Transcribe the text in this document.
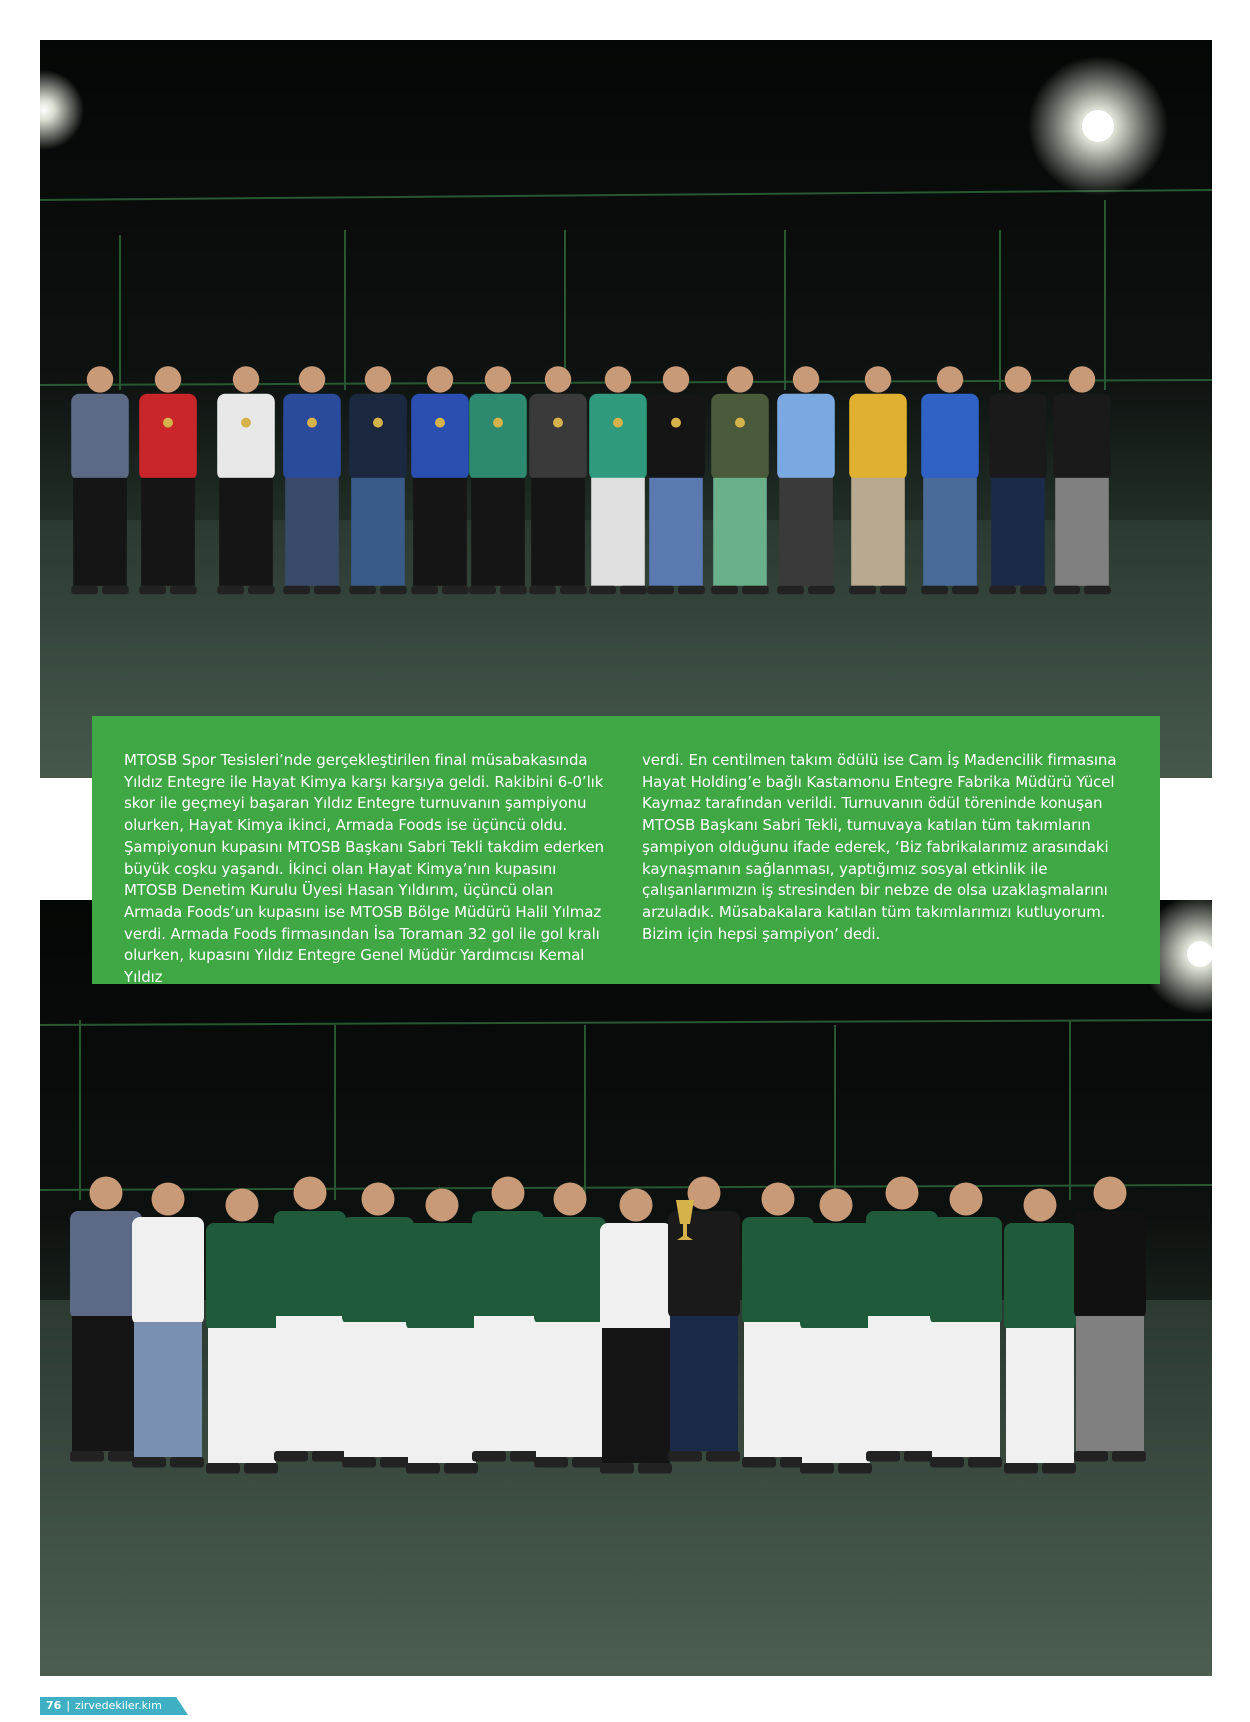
MTOSB Spor Tesisleri’nde gerçekleştirilen final müsabakasında Yıldız Entegre ile Hayat Kimya karşı karşıya geldi. Rakibini 6-0’lık skor ile geçmeyi başaran Yıldız Entegre turnuvanın şampiyonu olurken, Hayat Kimya ikinci, Armada Foods ise üçüncü oldu. Şampiyonun kupasını MTOSB Başkanı Sabri Tekli takdim ederken büyük coşku yaşandı. İkinci olan Hayat Kimya’nın kupasını MTOSB Denetim Kurulu Üyesi Hasan Yıldırım, üçüncü olan Armada Foods’un kupasını ise MTOSB Bölge Müdürü Halil Yılmaz verdi. Armada Foods firmasından İsa Toraman 32 gol ile gol kralı olurken, kupasını Yıldız Entegre Genel Müdür Yardımcısı Kemal Yıldız

verdi. En centilmen takım ödülü ise Cam İş Madencilik firmasına Hayat Holding’e bağlı Kastamonu Entegre Fabrika Müdürü Yücel Kaymaz tarafından verildi. Turnuvanın ödül töreninde konuşan MTOSB Başkanı Sabri Tekli, turnuvaya katılan tüm takımların şampiyon olduğunu ifade ederek, ‘Biz fabrikalarımız arasındaki kaynaşmanın sağlanması, yaptığımız sosyal etkinlik ile çalışanlarımızın iş stresinden bir nebze de olsa uzaklaşmalarını arzuladık. Müsabakalara katılan tüm takımlarımızı kutluyorum. Bizim için hepsi şampiyon’ dedi.

76 | zirvedekiler.kim
